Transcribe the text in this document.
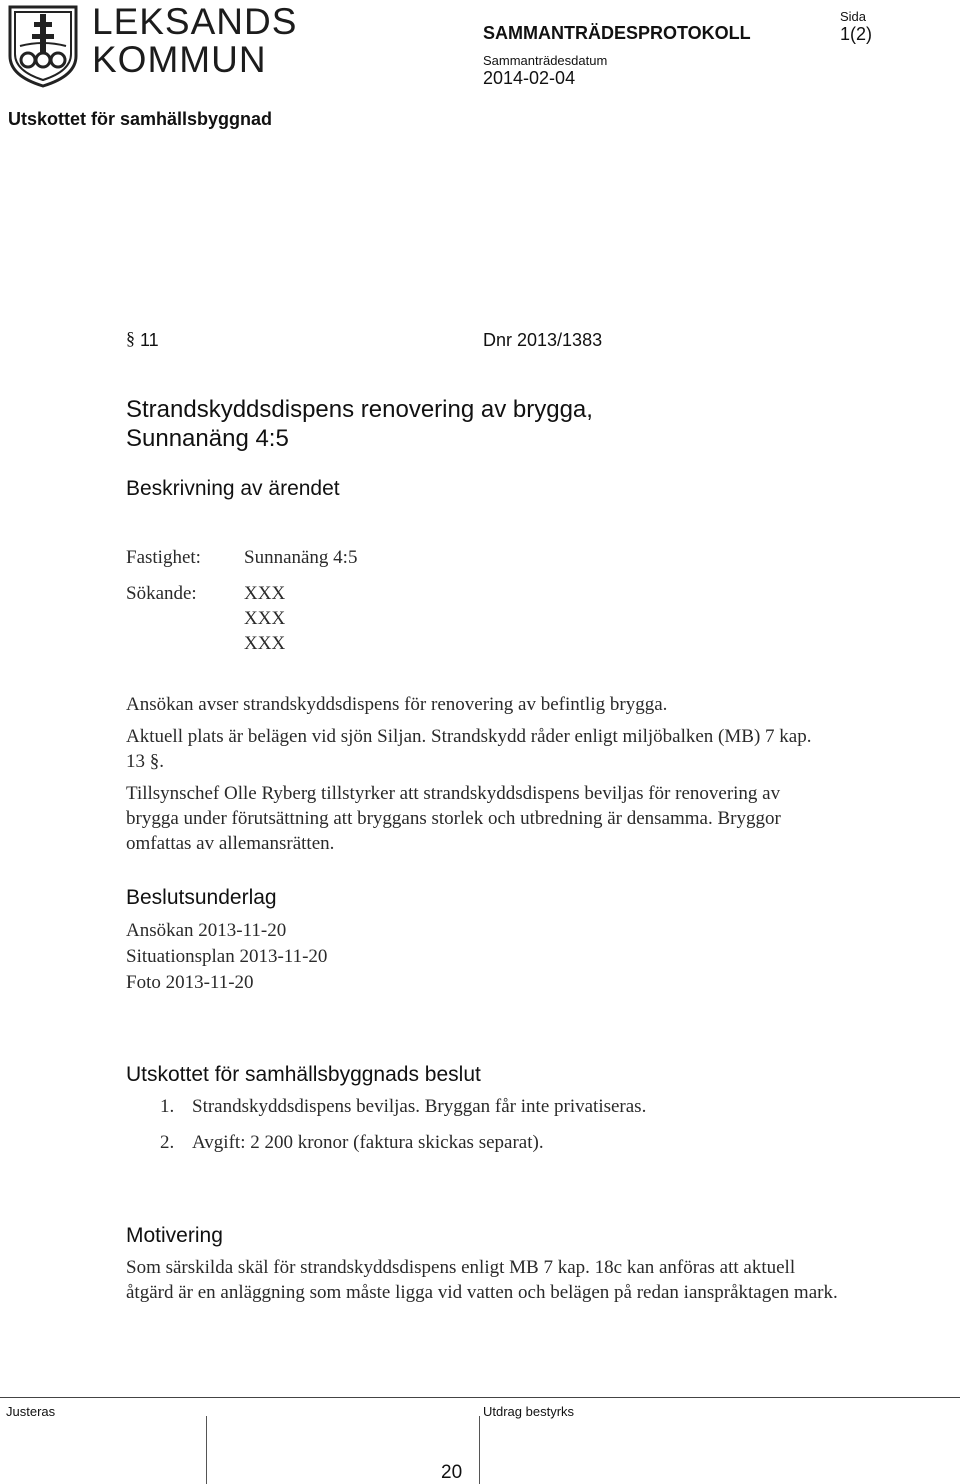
LEKSANDS
KOMMUN
SAMMANTRÄDESPROTOKOLL
Sida
1(2)
Sammanträdesdatum
2014-02-04
Utskottet för samhällsbyggnad
§ 11	Dnr 2013/1383
Strandskyddsdispens renovering av brygga,
Sunnanäng 4:5
Beskrivning av ärendet
Fastighet: Sunnanäng 4:5
Sökande: XXX
XXX
XXX

Ansökan avser strandskyddsdispens för renovering av befintlig brygga.

Aktuell plats är belägen vid sjön Siljan. Strandskydd råder enligt miljöbalken (MB) 7 kap. 13 §.

Tillsynschef Olle Ryberg tillstyrker att strandskyddsdispens beviljas för renovering av brygga under förutsättning att bryggans storlek och utbredning är densamma. Bryggor omfattas av allemansrätten.

Beslutsunderlag
Ansökan 2013-11-20
Situationsplan 2013-11-20
Foto 2013-11-20
Utskottet för samhällsbyggnads beslut
1. Strandskyddsdispens beviljas. Bryggan får inte privatiseras.
2. Avgift: 2 200 kronor (faktura skickas separat).
Motivering
Som särskilda skäl för strandskyddsdispens enligt MB 7 kap. 18c kan anföras att aktuell åtgärd är en anläggning som måste ligga vid vatten och belägen på redan ianspråktagen mark.
Justeras	Utdrag bestyrks
20
